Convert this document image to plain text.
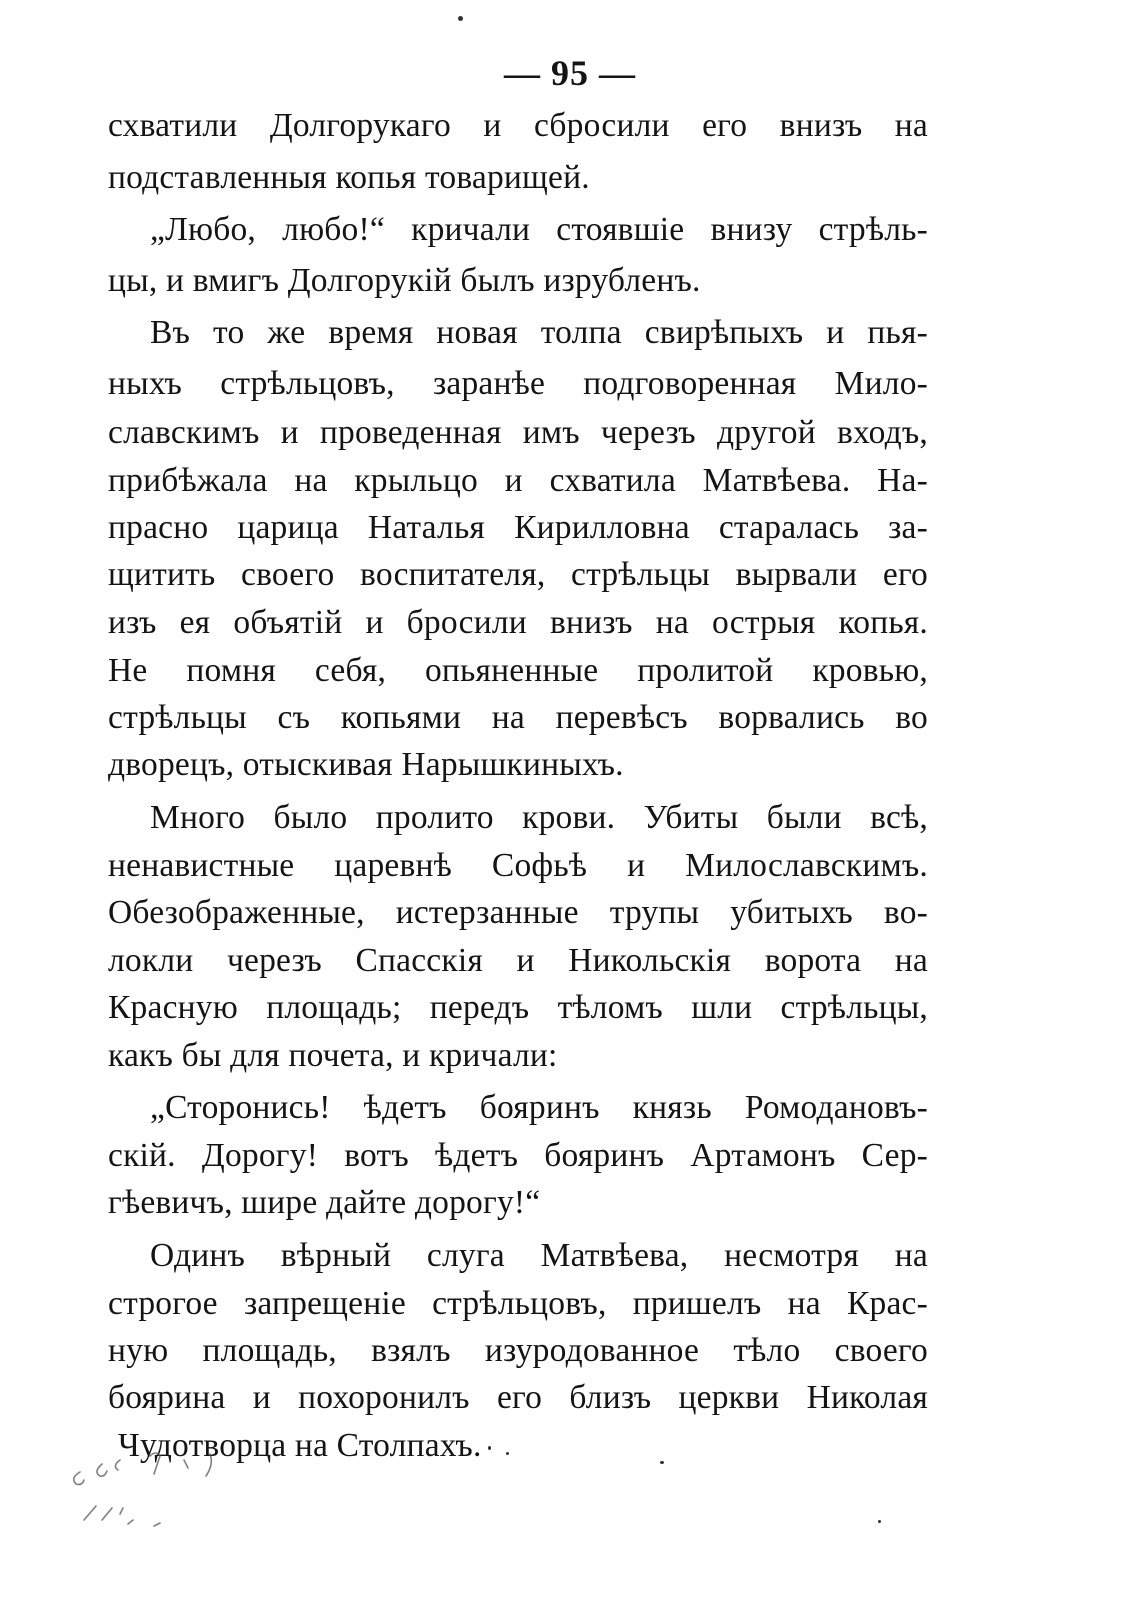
— 95 —
схватили Долгорукаго и сбросили его внизъ на
подставленныя копья товарищей.
„Любо, любо!“ кричали стоявшіе внизу стрѣль-
цы, и вмигъ Долгорукій былъ изрубленъ.
Въ то же время новая толпа свирѣпыхъ и пья-
ныхъ стрѣльцовъ, заранѣе подговоренная Мило-
славскимъ и проведенная имъ черезъ другой входъ,
прибѣжала на крыльцо и схватила Матвѣева. На-
прасно царица Наталья Кирилловна старалась за-
щитить своего воспитателя, стрѣльцы вырвали его
изъ ея объятій и бросили внизъ на острыя копья.
Не помня себя, опьяненные пролитой кровью,
стрѣльцы съ копьями на перевѣсъ ворвались во
дворецъ, отыскивая Нарышкиныхъ.
Много было пролито крови. Убиты были всѣ,
ненавистные царевнѣ Софьѣ и Милославскимъ.
Обезображенные, истерзанные трупы убитыхъ во-
локли черезъ Спасскія и Никольскія ворота на
Красную площадь; передъ тѣломъ шли стрѣльцы,
какъ бы для почета, и кричали:
„Сторонись! ѣдетъ бояринъ князь Ромодановъ-
скій. Дорогу! вотъ ѣдетъ бояринъ Артамонъ Сер-
гѣевичъ, шире дайте дорогу!“
Одинъ вѣрный слуга Матвѣева, несмотря на
строгое запрещеніе стрѣльцовъ, пришелъ на Крас-
ную площадь, взялъ изуродованное тѣло своего
боярина и похоронилъ его близъ церкви Николая
Чудотворца на Столпахъ.
